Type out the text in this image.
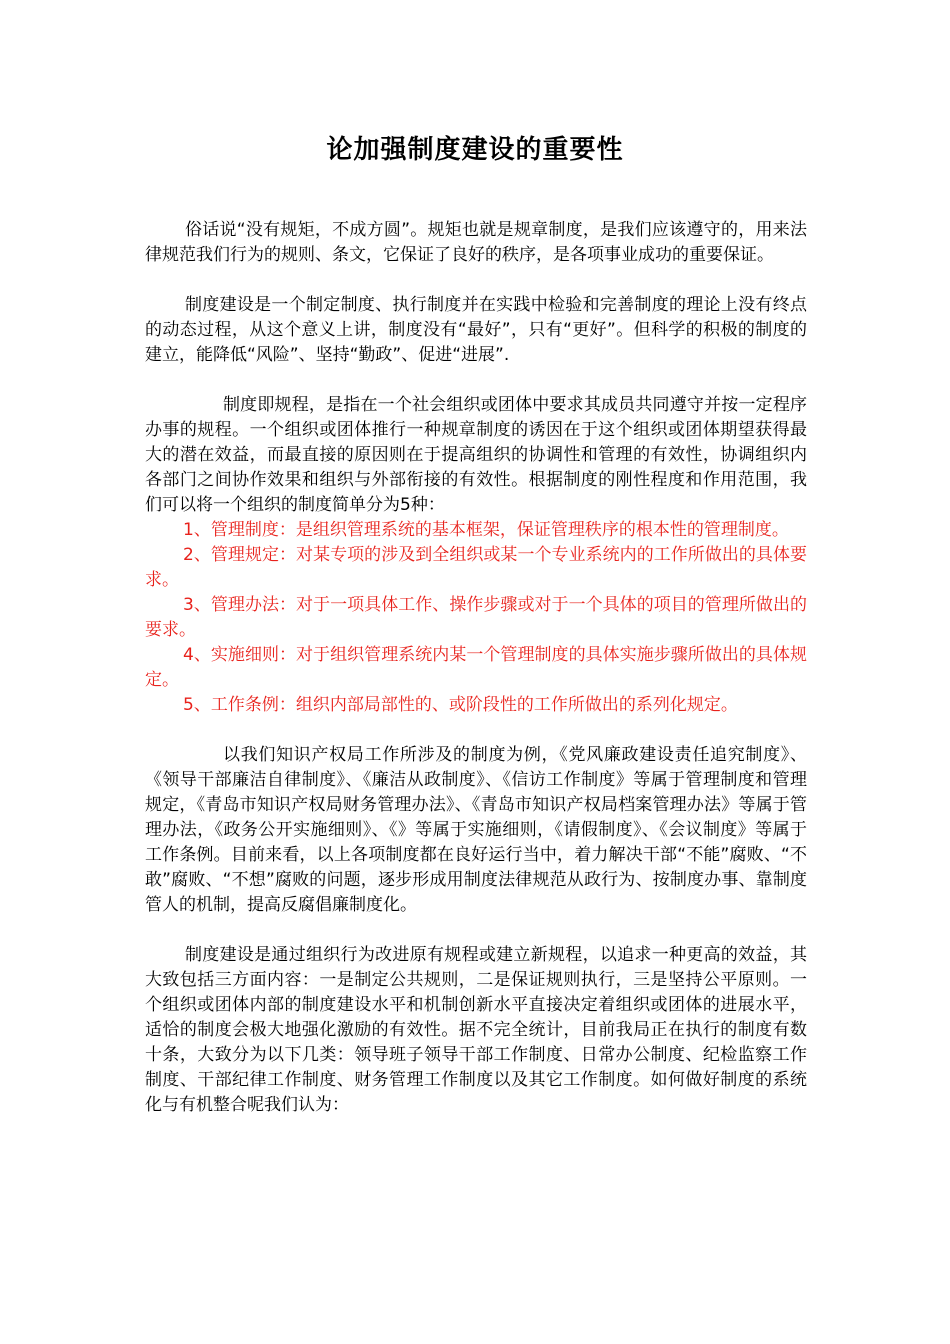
论加强制度建设的重要性

俗话说“没有规矩，不成方圆”。规矩也就是规章制度，是我们应该遵守的，用来法律规范我们行为的规则、条文，它保证了良好的秩序，是各项事业成功的重要保证。

制度建设是一个制定制度、执行制度并在实践中检验和完善制度的理论上没有终点的动态过程，从这个意义上讲，制度没有“最好”，只有“更好”。但科学的积极的制度的建立，能降低“风险”、坚持“勤政”、促进“进展”.

制度即规程，是指在一个社会组织或团体中要求其成员共同遵守并按一定程序办事的规程。一个组织或团体推行一种规章制度的诱因在于这个组织或团体期望获得最大的潜在效益，而最直接的原因则在于提高组织的协调性和管理的有效性，协调组织内各部门之间协作效果和组织与外部衔接的有效性。根据制度的刚性程度和作用范围，我们可以将一个组织的制度简单分为5种：

1、管理制度：是组织管理系统的基本框架，保证管理秩序的根本性的管理制度。
2、管理规定：对某专项的涉及到全组织或某一个专业系统内的工作所做出的具体要求。
3、管理办法：对于一项具体工作、操作步骤或对于一个具体的项目的管理所做出的要求。
4、实施细则：对于组织管理系统内某一个管理制度的具体实施步骤所做出的具体规定。
5、工作条例：组织内部局部性的、或阶段性的工作所做出的系列化规定。

以我们知识产权局工作所涉及的制度为例，《党风廉政建设责任追究制度》、《领导干部廉洁自律制度》、《廉洁从政制度》、《信访工作制度》等属于管理制度和管理规定，《青岛市知识产权局财务管理办法》、《青岛市知识产权局档案管理办法》等属于管理办法，《政务公开实施细则》、《》等属于实施细则，《请假制度》、《会议制度》等属于工作条例。目前来看，以上各项制度都在良好运行当中，着力解决干部“不能”腐败、“不敢”腐败、“不想”腐败的问题，逐步形成用制度法律规范从政行为、按制度办事、靠制度管人的机制，提高反腐倡廉制度化。

制度建设是通过组织行为改进原有规程或建立新规程，以追求一种更高的效益，其大致包括三方面内容：一是制定公共规则，二是保证规则执行，三是坚持公平原则。一个组织或团体内部的制度建设水平和机制创新水平直接决定着组织或团体的进展水平，适恰的制度会极大地强化激励的有效性。据不完全统计，目前我局正在执行的制度有数十条，大致分为以下几类：领导班子领导干部工作制度、日常办公制度、纪检监察工作制度、干部纪律工作制度、财务管理工作制度以及其它工作制度。如何做好制度的系统化与有机整合呢我们认为：
